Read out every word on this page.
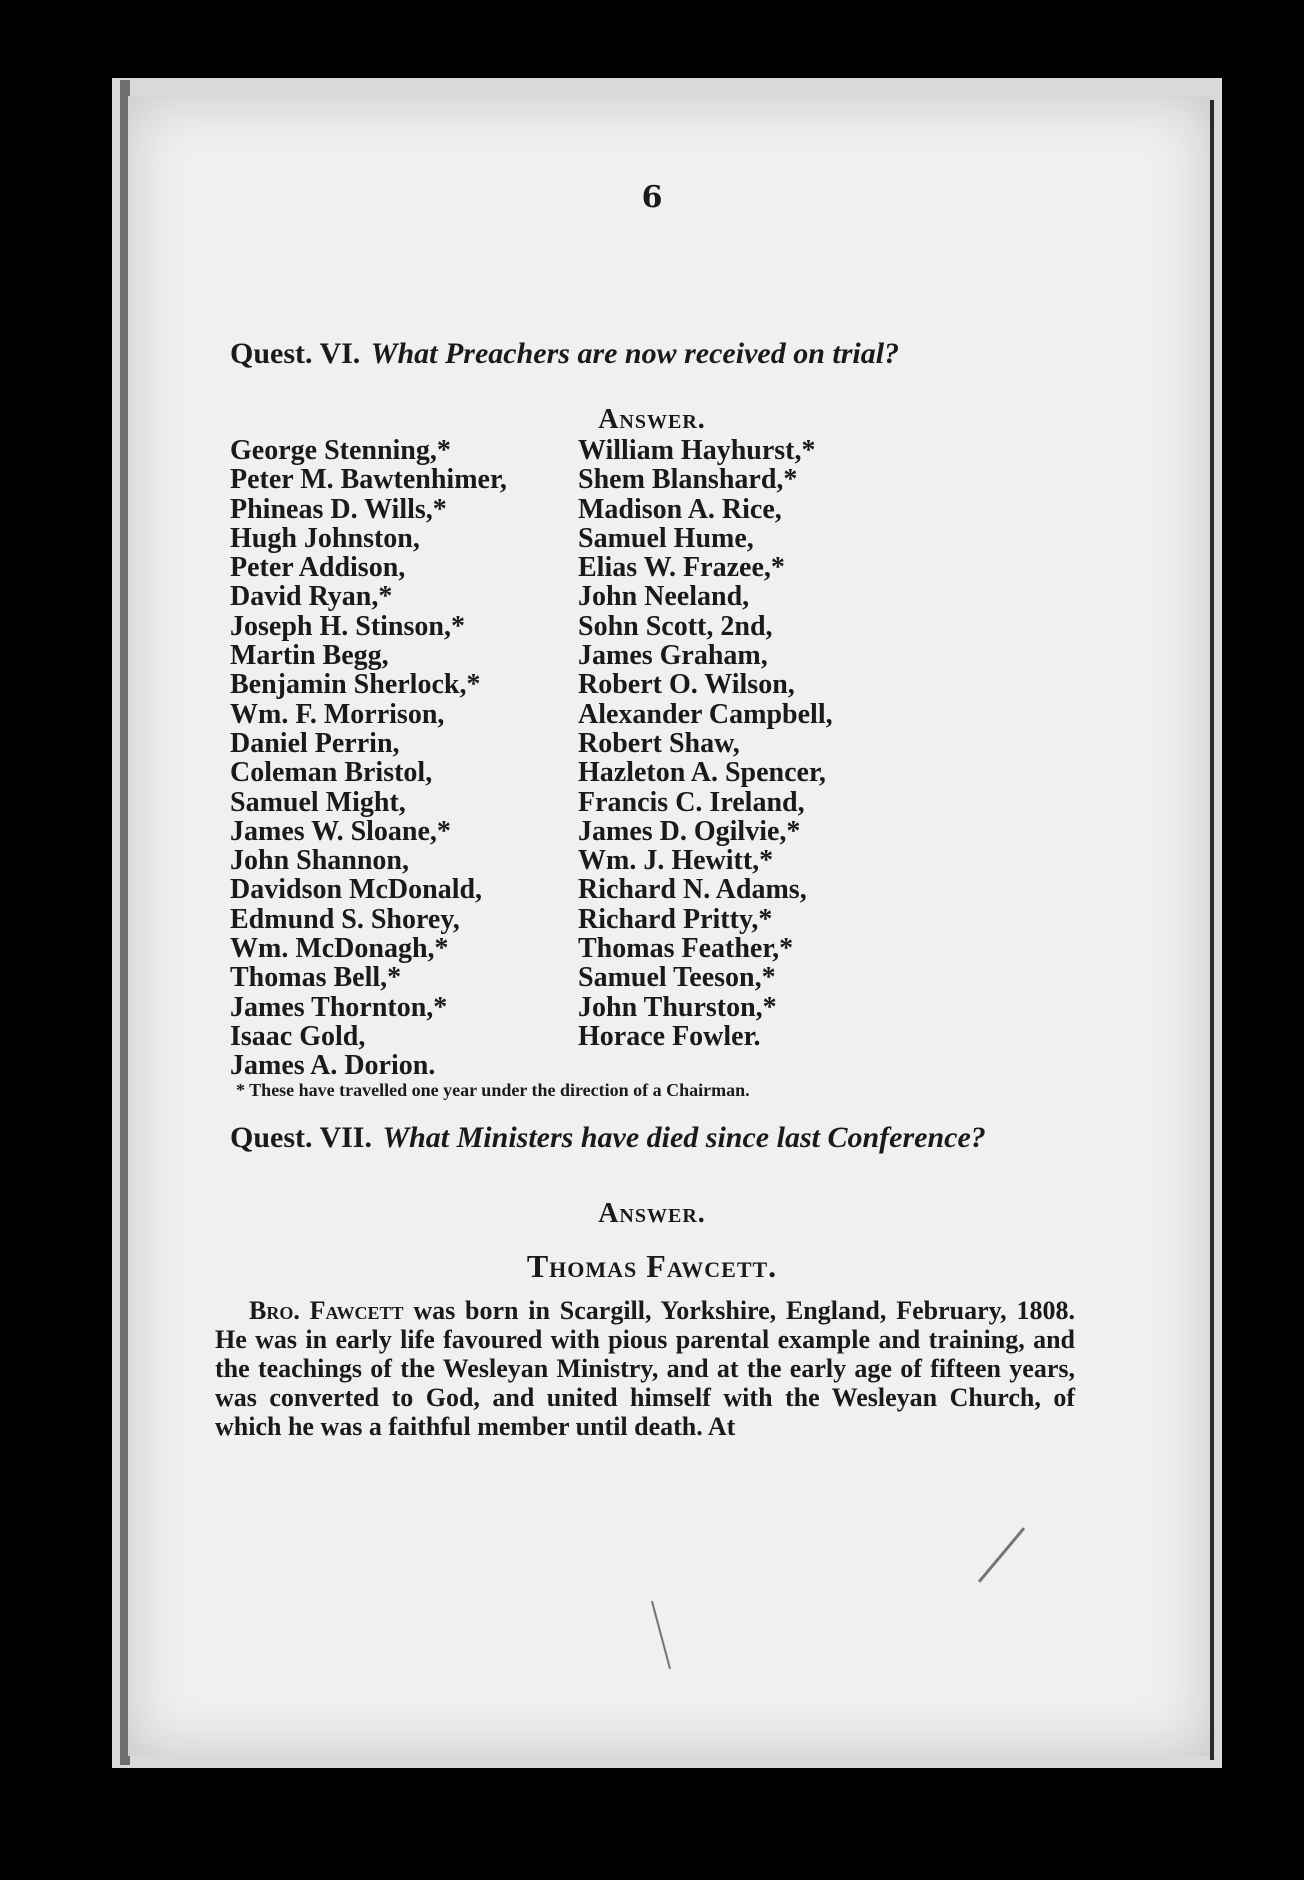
6
Quest. VI. What Preachers are now received on trial?
Answer.
George Stenning,*
Peter M. Bawtenhimer,
Phineas D. Wills,*
Hugh Johnston,
Peter Addison,
David Ryan,*
Joseph H. Stinson,*
Martin Begg,
Benjamin Sherlock,*
Wm. F. Morrison,
Daniel Perrin,
Coleman Bristol,
Samuel Might,
James W. Sloane,*
John Shannon,
Davidson McDonald,
Edmund S. Shorey,
Wm. McDonagh,*
Thomas Bell,*
James Thornton,*
Isaac Gold,
James A. Dorion.
William Hayhurst,*
Shem Blanshard,*
Madison A. Rice,
Samuel Hume,
Elias W. Frazee,*
John Neeland,
Sohn Scott, 2nd,
James Graham,
Robert O. Wilson,
Alexander Campbell,
Robert Shaw,
Hazleton A. Spencer,
Francis C. Ireland,
James D. Ogilvie,*
Wm. J. Hewitt,*
Richard N. Adams,
Richard Pritty,*
Thomas Feather,*
Samuel Teeson,*
John Thurston,*
Horace Fowler.
* These have travelled one year under the direction of a Chairman.
Quest. VII. What Ministers have died since last Conference?
Answer.
Thomas Fawcett.
Bro. Fawcett was born in Scargill, Yorkshire, England, February, 1808. He was in early life favoured with pious parental example and training, and the teachings of the Wesleyan Ministry, and at the early age of fifteen years, was converted to God, and united himself with the Wesleyan Church, of which he was a faithful member until death. At
